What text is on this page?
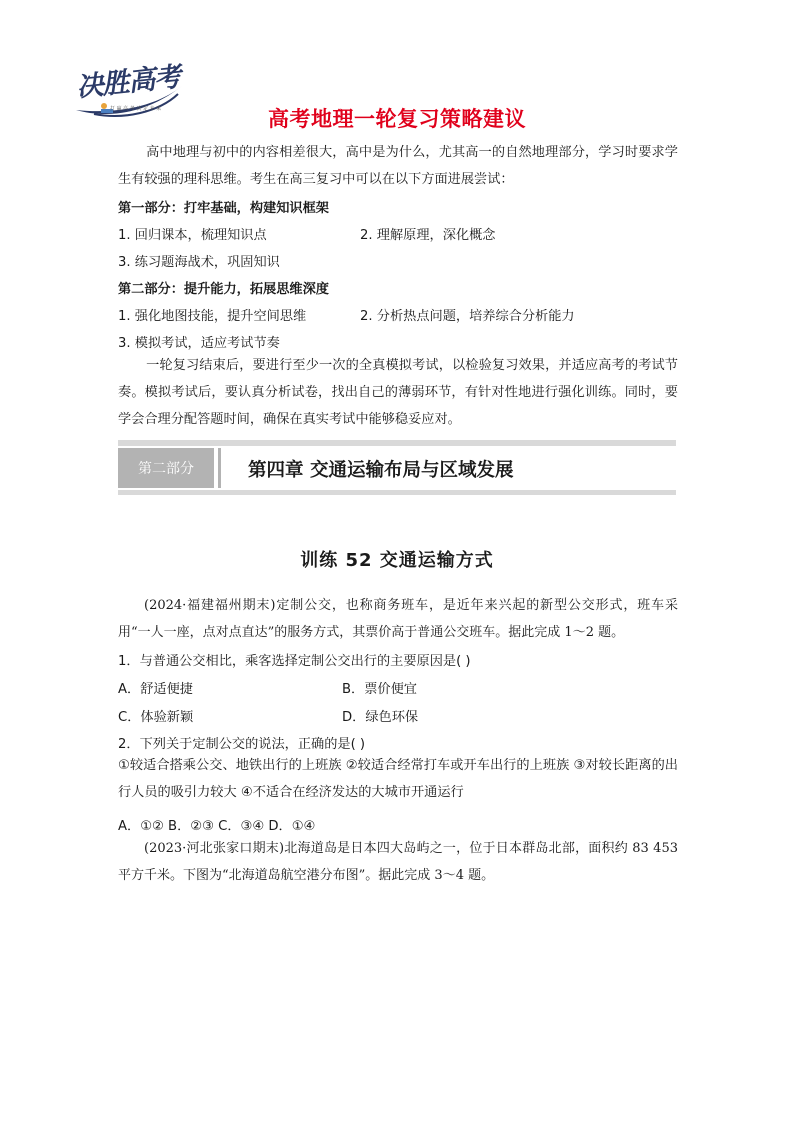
决胜高考
打 赢 高 考 决 定 未 来	高考地理一轮复习策略建议
高中地理与初中的内容相差很大，高中是为什么，尤其高一的自然地理部分，学习时要求学生有较强的理科思维。考生在高三复习中可以在以下方面进展尝试：
第一部分：打牢基础，构建知识框架
1. 回归课本，梳理知识点	2. 理解原理，深化概念
3. 练习题海战术，巩固知识
第二部分：提升能力，拓展思维深度
1. 强化地图技能，提升空间思维	2. 分析热点问题，培养综合分析能力
3. 模拟考试，适应考试节奏
一轮复习结束后，要进行至少一次的全真模拟考试，以检验复习效果，并适应高考的考试节奏。模拟考试后，要认真分析试卷，找出自己的薄弱环节，有针对性地进行强化训练。同时，要学会合理分配答题时间，确保在真实考试中能够稳妥应对。
第二部分	第四章 交通运输布局与区域发展
训练 52 交通运输方式
(2024·福建福州期末)定制公交，也称商务班车，是近年来兴起的新型公交形式，班车采用“一人一座，点对点直达”的服务方式，其票价高于普通公交班车。据此完成 1～2 题。
1．与普通公交相比，乘客选择定制公交出行的主要原因是( )
A．舒适便捷	B．票价便宜
C．体验新颖	D．绿色环保
2．下列关于定制公交的说法，正确的是( )
①较适合搭乘公交、地铁出行的上班族 ②较适合经常打车或开车出行的上班族 ③对较长距离的出行人员的吸引力较大 ④不适合在经济发达的大城市开通运行
A．①② B．②③ C．③④ D．①④
(2023·河北张家口期末)北海道岛是日本四大岛屿之一，位于日本群岛北部，面积约 83 453 平方千米。下图为“北海道岛航空港分布图”。据此完成 3～4 题。
